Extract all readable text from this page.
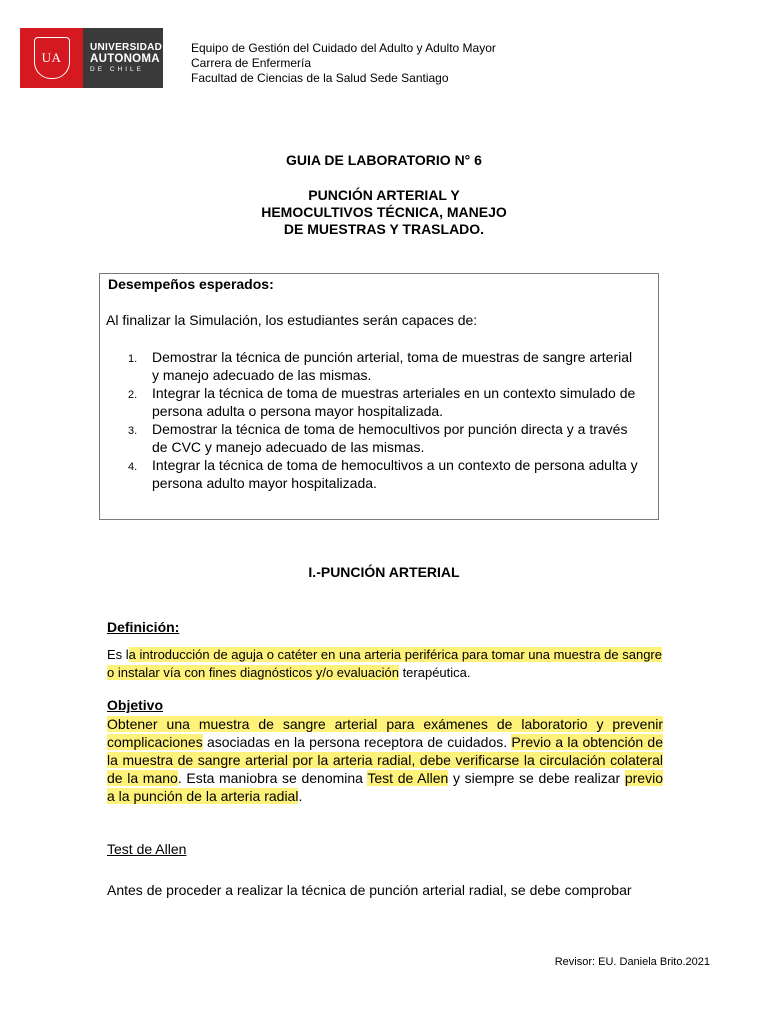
UA
UNIVERSIDAD
AUTONOMA
DE CHILE
Equipo de Gestión del Cuidado del Adulto y Adulto Mayor
Carrera de Enfermería
Facultad de Ciencias de la Salud Sede Santiago
GUIA DE LABORATORIO N° 6
PUNCIÓN ARTERIAL Y
HEMOCULTIVOS TÉCNICA, MANEJO
DE MUESTRAS Y TRASLADO.
Desempeños esperados:
Al finalizar la Simulación, los estudiantes serán capaces de:
1. Demostrar la técnica de punción arterial, toma de muestras de sangre arterial y manejo adecuado de las mismas.
2. Integrar la técnica de toma de muestras arteriales en un contexto simulado de persona adulta o persona mayor hospitalizada.
3. Demostrar la técnica de toma de hemocultivos por punción directa y a través de CVC y manejo adecuado de las mismas.
4. Integrar la técnica de toma de hemocultivos a un contexto de persona adulta y persona adulto mayor hospitalizada.
I.-PUNCIÓN ARTERIAL
Definición:
Es la introducción de aguja o catéter en una arteria periférica para tomar una muestra de sangre o instalar vía con fines diagnósticos y/o evaluación terapéutica.
Objetivo
Obtener una muestra de sangre arterial para exámenes de laboratorio y prevenir complicaciones asociadas en la persona receptora de cuidados. Previo a la obtención de la muestra de sangre arterial por la arteria radial, debe verificarse la circulación colateral de la mano. Esta maniobra se denomina Test de Allen y siempre se debe realizar previo a la punción de la arteria radial.
Test de Allen
Antes de proceder a realizar la técnica de punción arterial radial, se debe comprobar
Revisor: EU. Daniela Brito.2021
